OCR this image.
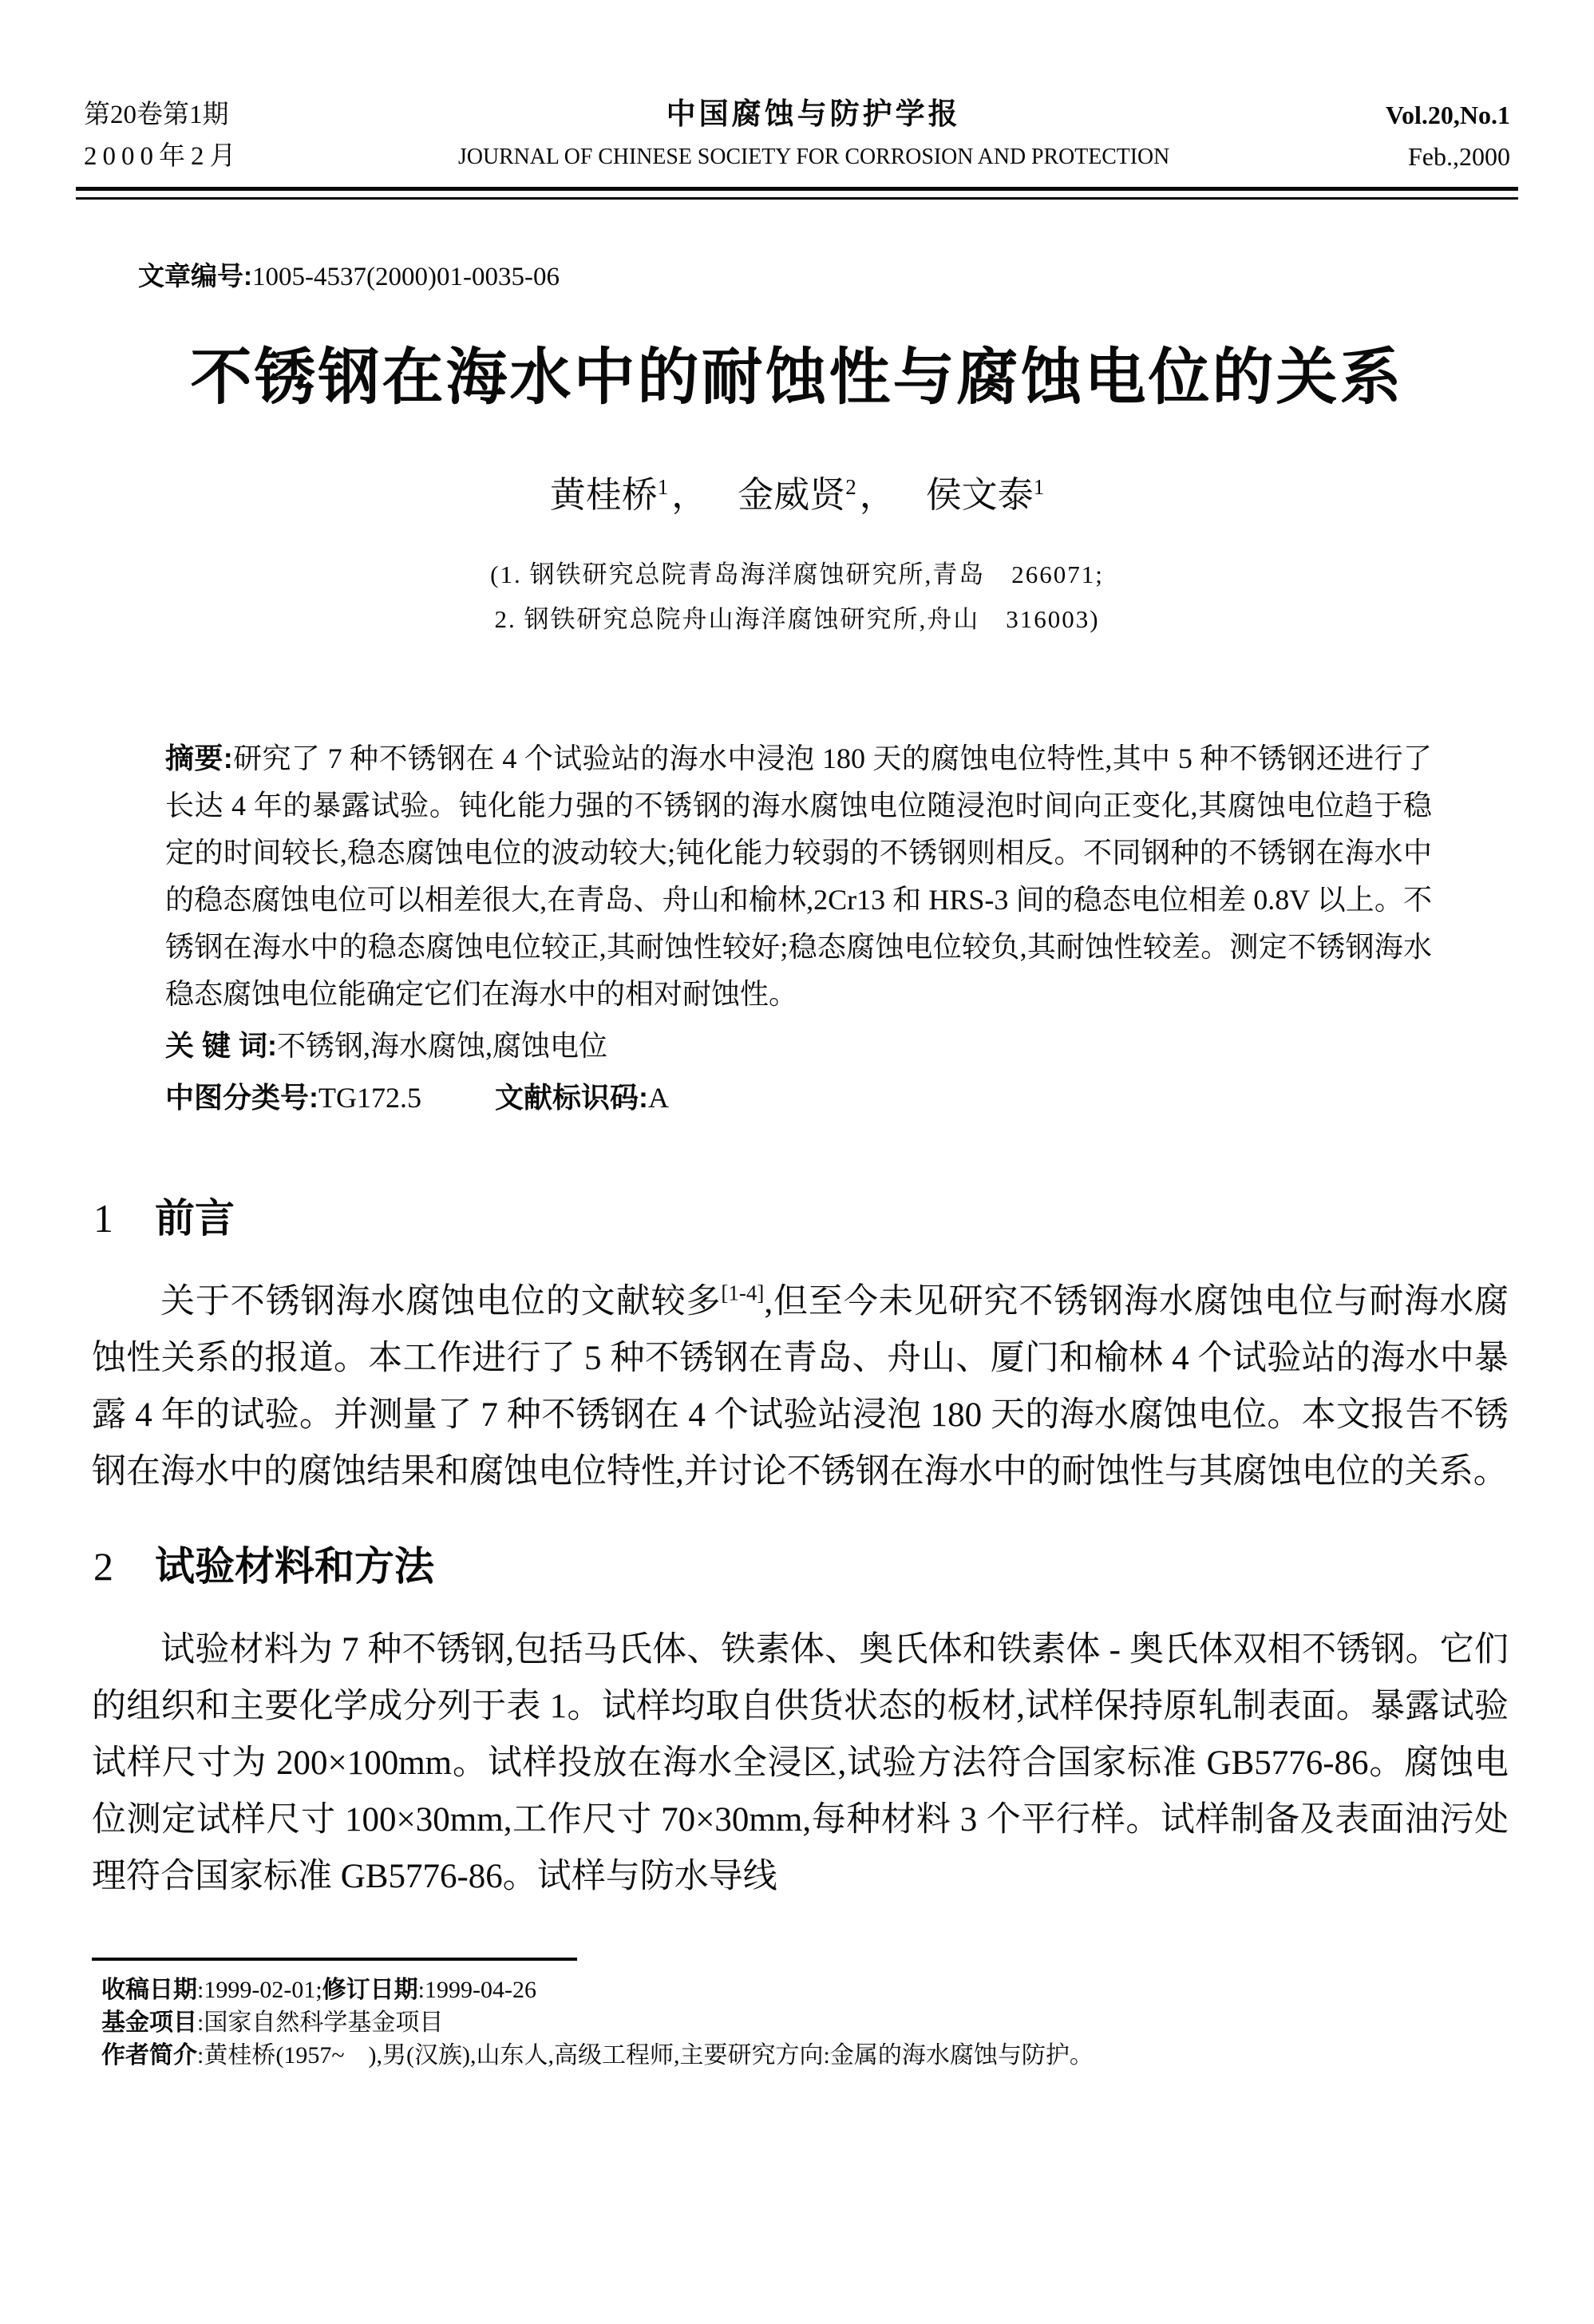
第20卷第1期
2000年2月
中国腐蚀与防护学报
JOURNAL OF CHINESE SOCIETY FOR CORROSION AND PROTECTION
Vol.20,No.1
Feb.,2000
文章编号:1005-4537(2000)01-0035-06
不锈钢在海水中的耐蚀性与腐蚀电位的关系
黄桂桥$^1$， 金威贤$^2$， 侯文泰$^1$
(1. 钢铁研究总院青岛海洋腐蚀研究所,青岛　266071;
2. 钢铁研究总院舟山海洋腐蚀研究所,舟山　316003)

摘要:研究了 7 种不锈钢在 4 个试验站的海水中浸泡 180 天的腐蚀电位特性,其中 5 种不锈钢还进行了长达 4 年的暴露试验。钝化能力强的不锈钢的海水腐蚀电位随浸泡时间向正变化,其腐蚀电位趋于稳定的时间较长,稳态腐蚀电位的波动较大;钝化能力较弱的不锈钢则相反。不同钢种的不锈钢在海水中的稳态腐蚀电位可以相差很大,在青岛、舟山和榆林,2Cr13 和 HRS-3 间的稳态电位相差 0.8V 以上。不锈钢在海水中的稳态腐蚀电位较正,其耐蚀性较好;稳态腐蚀电位较负,其耐蚀性较差。测定不锈钢海水稳态腐蚀电位能确定它们在海水中的相对耐蚀性。

关 键 词:不锈钢,海水腐蚀,腐蚀电位

中图分类号:TG172.5	文献标识码:A

1 前言

关于不锈钢海水腐蚀电位的文献较多[1-4],但至今未见研究不锈钢海水腐蚀电位与耐海水腐蚀性关系的报道。本工作进行了 5 种不锈钢在青岛、舟山、厦门和榆林 4 个试验站的海水中暴露 4 年的试验。并测量了 7 种不锈钢在 4 个试验站浸泡 180 天的海水腐蚀电位。本文报告不锈钢在海水中的腐蚀结果和腐蚀电位特性,并讨论不锈钢在海水中的耐蚀性与其腐蚀电位的关系。

2 试验材料和方法

试验材料为 7 种不锈钢,包括马氏体、铁素体、奥氏体和铁素体 - 奥氏体双相不锈钢。它们的组织和主要化学成分列于表 1。试样均取自供货状态的板材,试样保持原轧制表面。暴露试验试样尺寸为 200×100mm。试样投放在海水全浸区,试验方法符合国家标准 GB5776-86。腐蚀电位测定试样尺寸 100×30mm,工作尺寸 70×30mm,每种材料 3 个平行样。试样制备及表面油污处理符合国家标准 GB5776-86。试样与防水导线

收稿日期:1999-02-01;修订日期:1999-04-26
基金项目:国家自然科学基金项目
作者简介:黄桂桥(1957~　),男(汉族),山东人,高级工程师,主要研究方向:金属的海水腐蚀与防护。
